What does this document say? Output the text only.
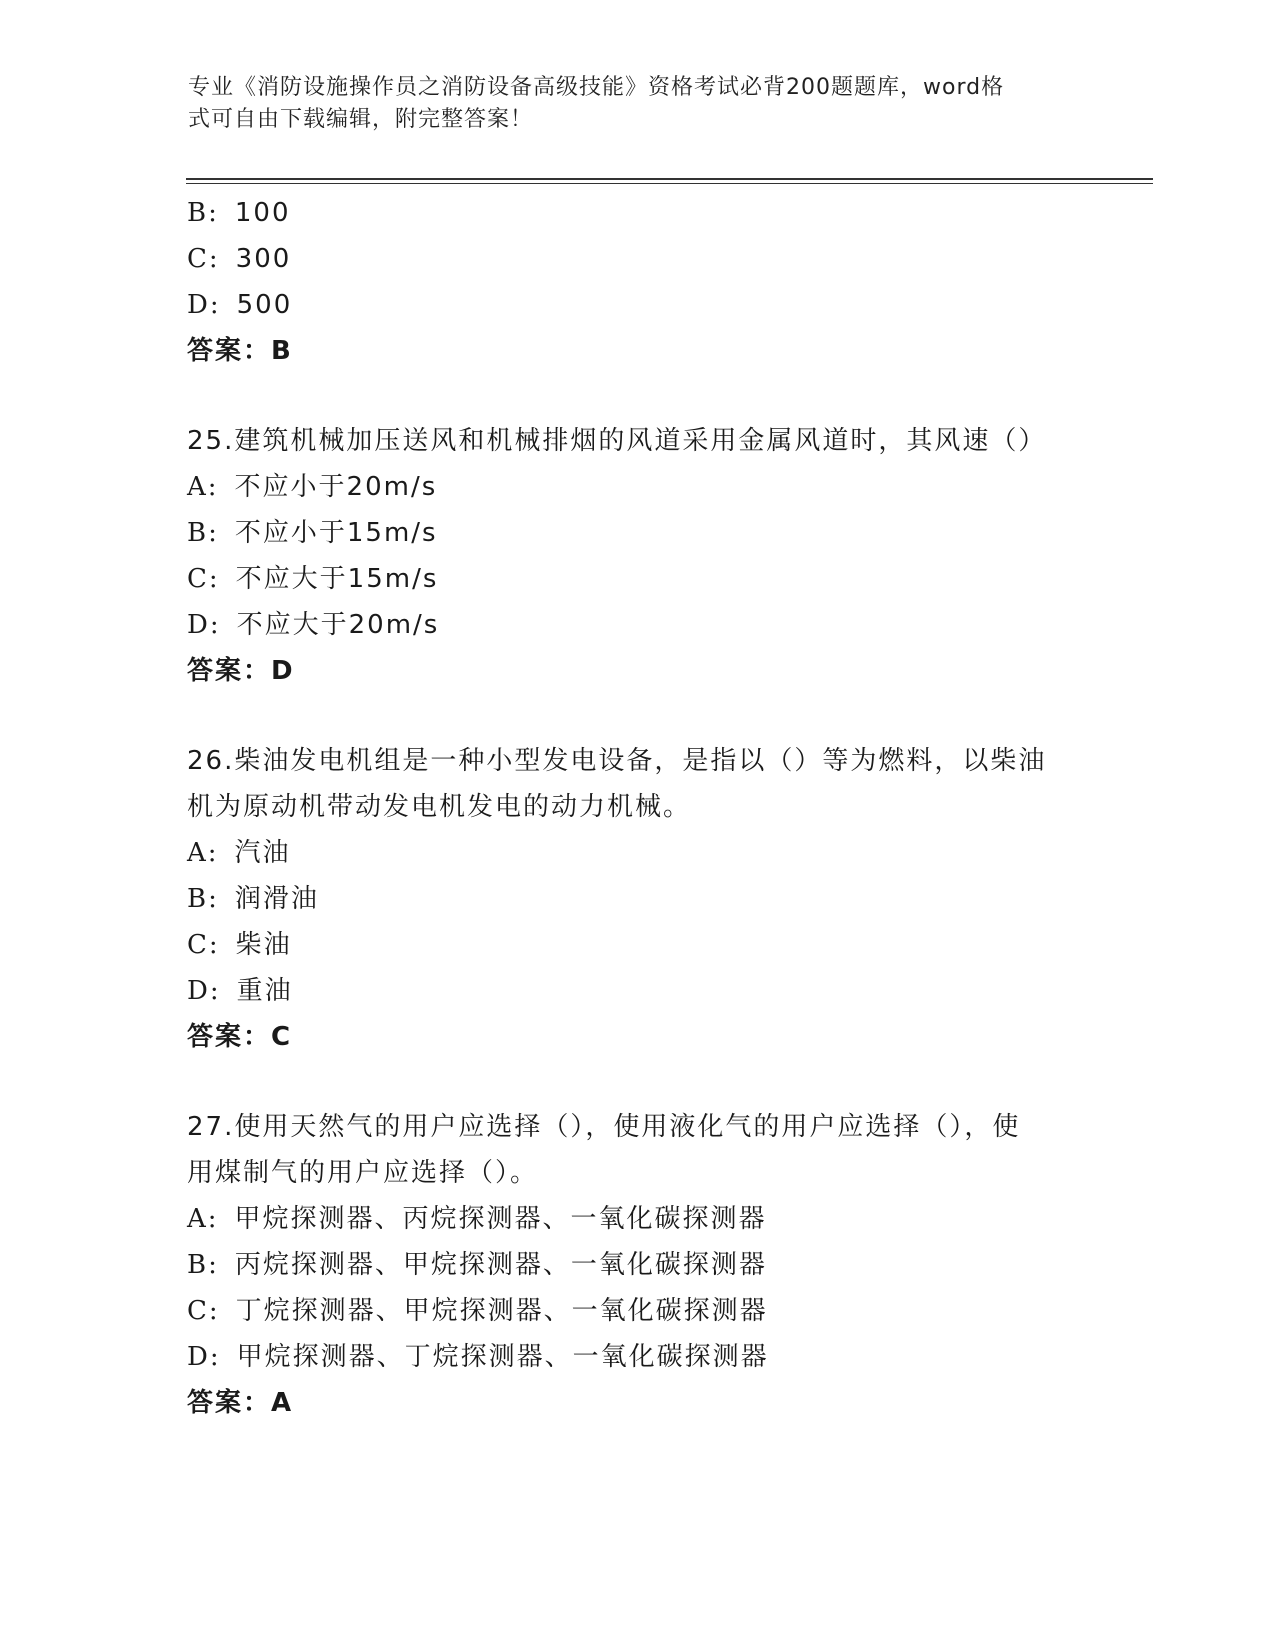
专业《消防设施操作员之消防设备高级技能》资格考试必背200题题库，word格
式可自由下载编辑，附完整答案！
B: 100
C: 300
D: 500
答案：B
25.建筑机械加压送风和机械排烟的风道采用金属风道时，其风速（）
A: 不应小于20m/s
B: 不应小于15m/s
C: 不应大于15m/s
D: 不应大于20m/s
答案：D
26.柴油发电机组是一种小型发电设备，是指以（）等为燃料，以柴油
机为原动机带动发电机发电的动力机械。
A: 汽油
B: 润滑油
C: 柴油
D: 重油
答案：C
27.使用天然气的用户应选择（），使用液化气的用户应选择（），使
用煤制气的用户应选择（）。
A: 甲烷探测器、丙烷探测器、一氧化碳探测器
B: 丙烷探测器、甲烷探测器、一氧化碳探测器
C: 丁烷探测器、甲烷探测器、一氧化碳探测器
D: 甲烷探测器、丁烷探测器、一氧化碳探测器
答案：A
